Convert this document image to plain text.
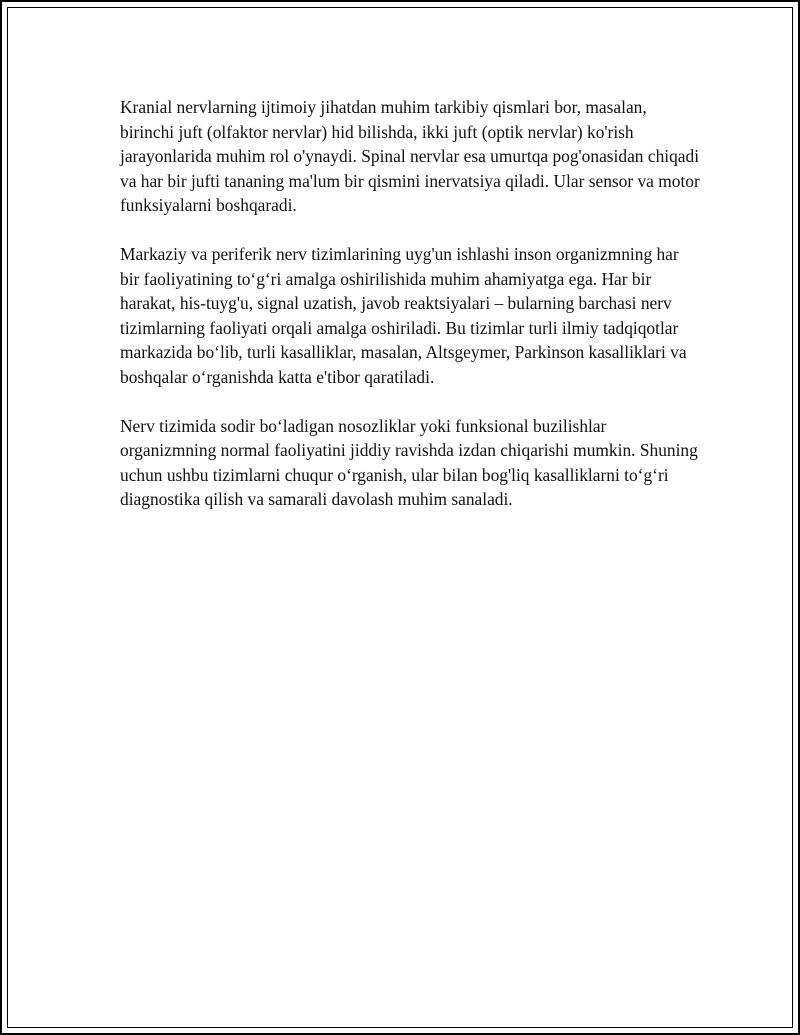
Kranial nervlarning ijtimoiy jihatdan muhim tarkibiy qismlari bor, masalan, birinchi juft (olfaktor nervlar) hid bilishda, ikki juft (optik nervlar) ko'rish jarayonlarida muhim rol o'ynaydi. Spinal nervlar esa umurtqa pog'onasidan chiqadi va har bir jufti tananing ma'lum bir qismini inervatsiya qiladi. Ular sensor va motor funksiyalarni boshqaradi.

Markaziy va periferik nerv tizimlarining uyg'un ishlashi inson organizmning har bir faoliyatining to‘g‘ri amalga oshirilishida muhim ahamiyatga ega. Har bir harakat, his-tuyg'u, signal uzatish, javob reaktsiyalari – bularning barchasi nerv tizimlarning faoliyati orqali amalga oshiriladi. Bu tizimlar turli ilmiy tadqiqotlar markazida bo‘lib, turli kasalliklar, masalan, Altsgeymer, Parkinson kasalliklari va boshqalar o‘rganishda katta e'tibor qaratiladi.

Nerv tizimida sodir bo‘ladigan nosozliklar yoki funksional buzilishlar organizmning normal faoliyatini jiddiy ravishda izdan chiqarishi mumkin. Shuning uchun ushbu tizimlarni chuqur o‘rganish, ular bilan bog'liq kasalliklarni to‘g‘ri diagnostika qilish va samarali davolash muhim sanaladi.
